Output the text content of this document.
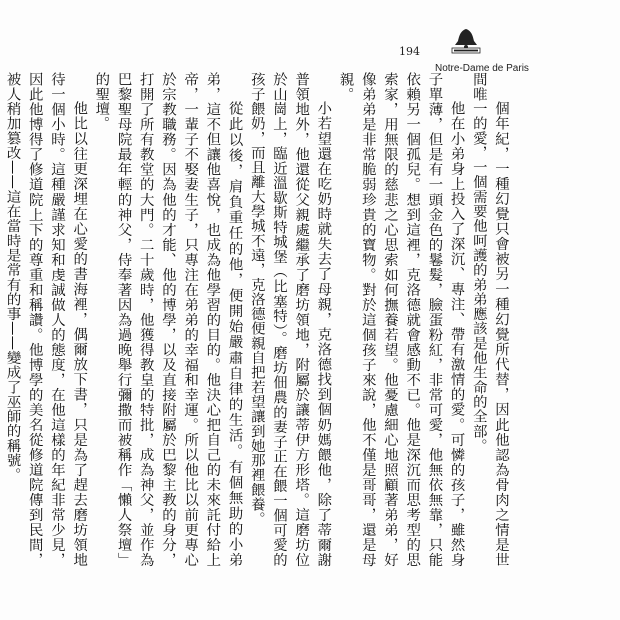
194
Notre-Dame de Paris

個年紀，一種幻覺只會被另一種幻覺所代替，因此他認為骨肉之情是世間唯一的愛，一個需要他呵護的弟弟應該是他生命的全部。

他在小弟身上投入了深沉、專注、帶有激情的愛。可憐的孩子，雖然身子單薄，但是有一頭金色的鬈髮，臉蛋粉紅，非常可愛，他無依無靠，只能依賴另一個孤兒。想到這裡，克洛德就會感動不已。他是深沉而思考型的思索家，用無限的慈悲之心思索如何撫養若望。他憂慮細心地照顧著弟弟，好像弟弟是非常脆弱珍貴的寶物。對於這個孩子來說，他不僅是哥哥，還是母親。

小若望還在吃奶時就失去了母親，克洛德找到個奶媽餵他，除了蒂爾謝普領地外，他還從父親處繼承了磨坊領地，附屬於讓蒂伊方形塔。這磨坊位於山崗上，臨近溫歇斯特城堡（比塞特）。磨坊佃農的妻子正在餵一個可愛的孩子餵奶，而且離大學城不遠，克洛德便親自把若望讓到她那裡餵養。

從此以後，肩負重任的他，便開始嚴肅自律的生活。有個無助的小弟弟，這不但讓他喜悅，也成為他學習的目的。他決心把自己的未來託付給上帝，一輩子不娶妻生子，只專注在弟弟的幸福和幸運。所以他比以前更專心於宗教職務。因為他的才能、他的博學，以及直接附屬於巴黎主教的身分，打開了所有教堂的大門。二十歲時，他獲得教皇的特批，成為神父，並作為巴黎聖母院最年輕的神父，侍奉著因為過晚舉行彌撒而被稱作「懶人祭壇」的聖壇。

他比以往更深埋在心愛的書海裡，偶爾放下書，只是為了趕去磨坊領地待一個小時。這種嚴謹求知和虔誠做人的態度，在他這樣的年紀非常少見，因此他博得了修道院上下的尊重和稱讚。他博學的美名從修道院傳到民間，被人稍加篡改——這在當時是常有的事——變成了巫師的稱號。
